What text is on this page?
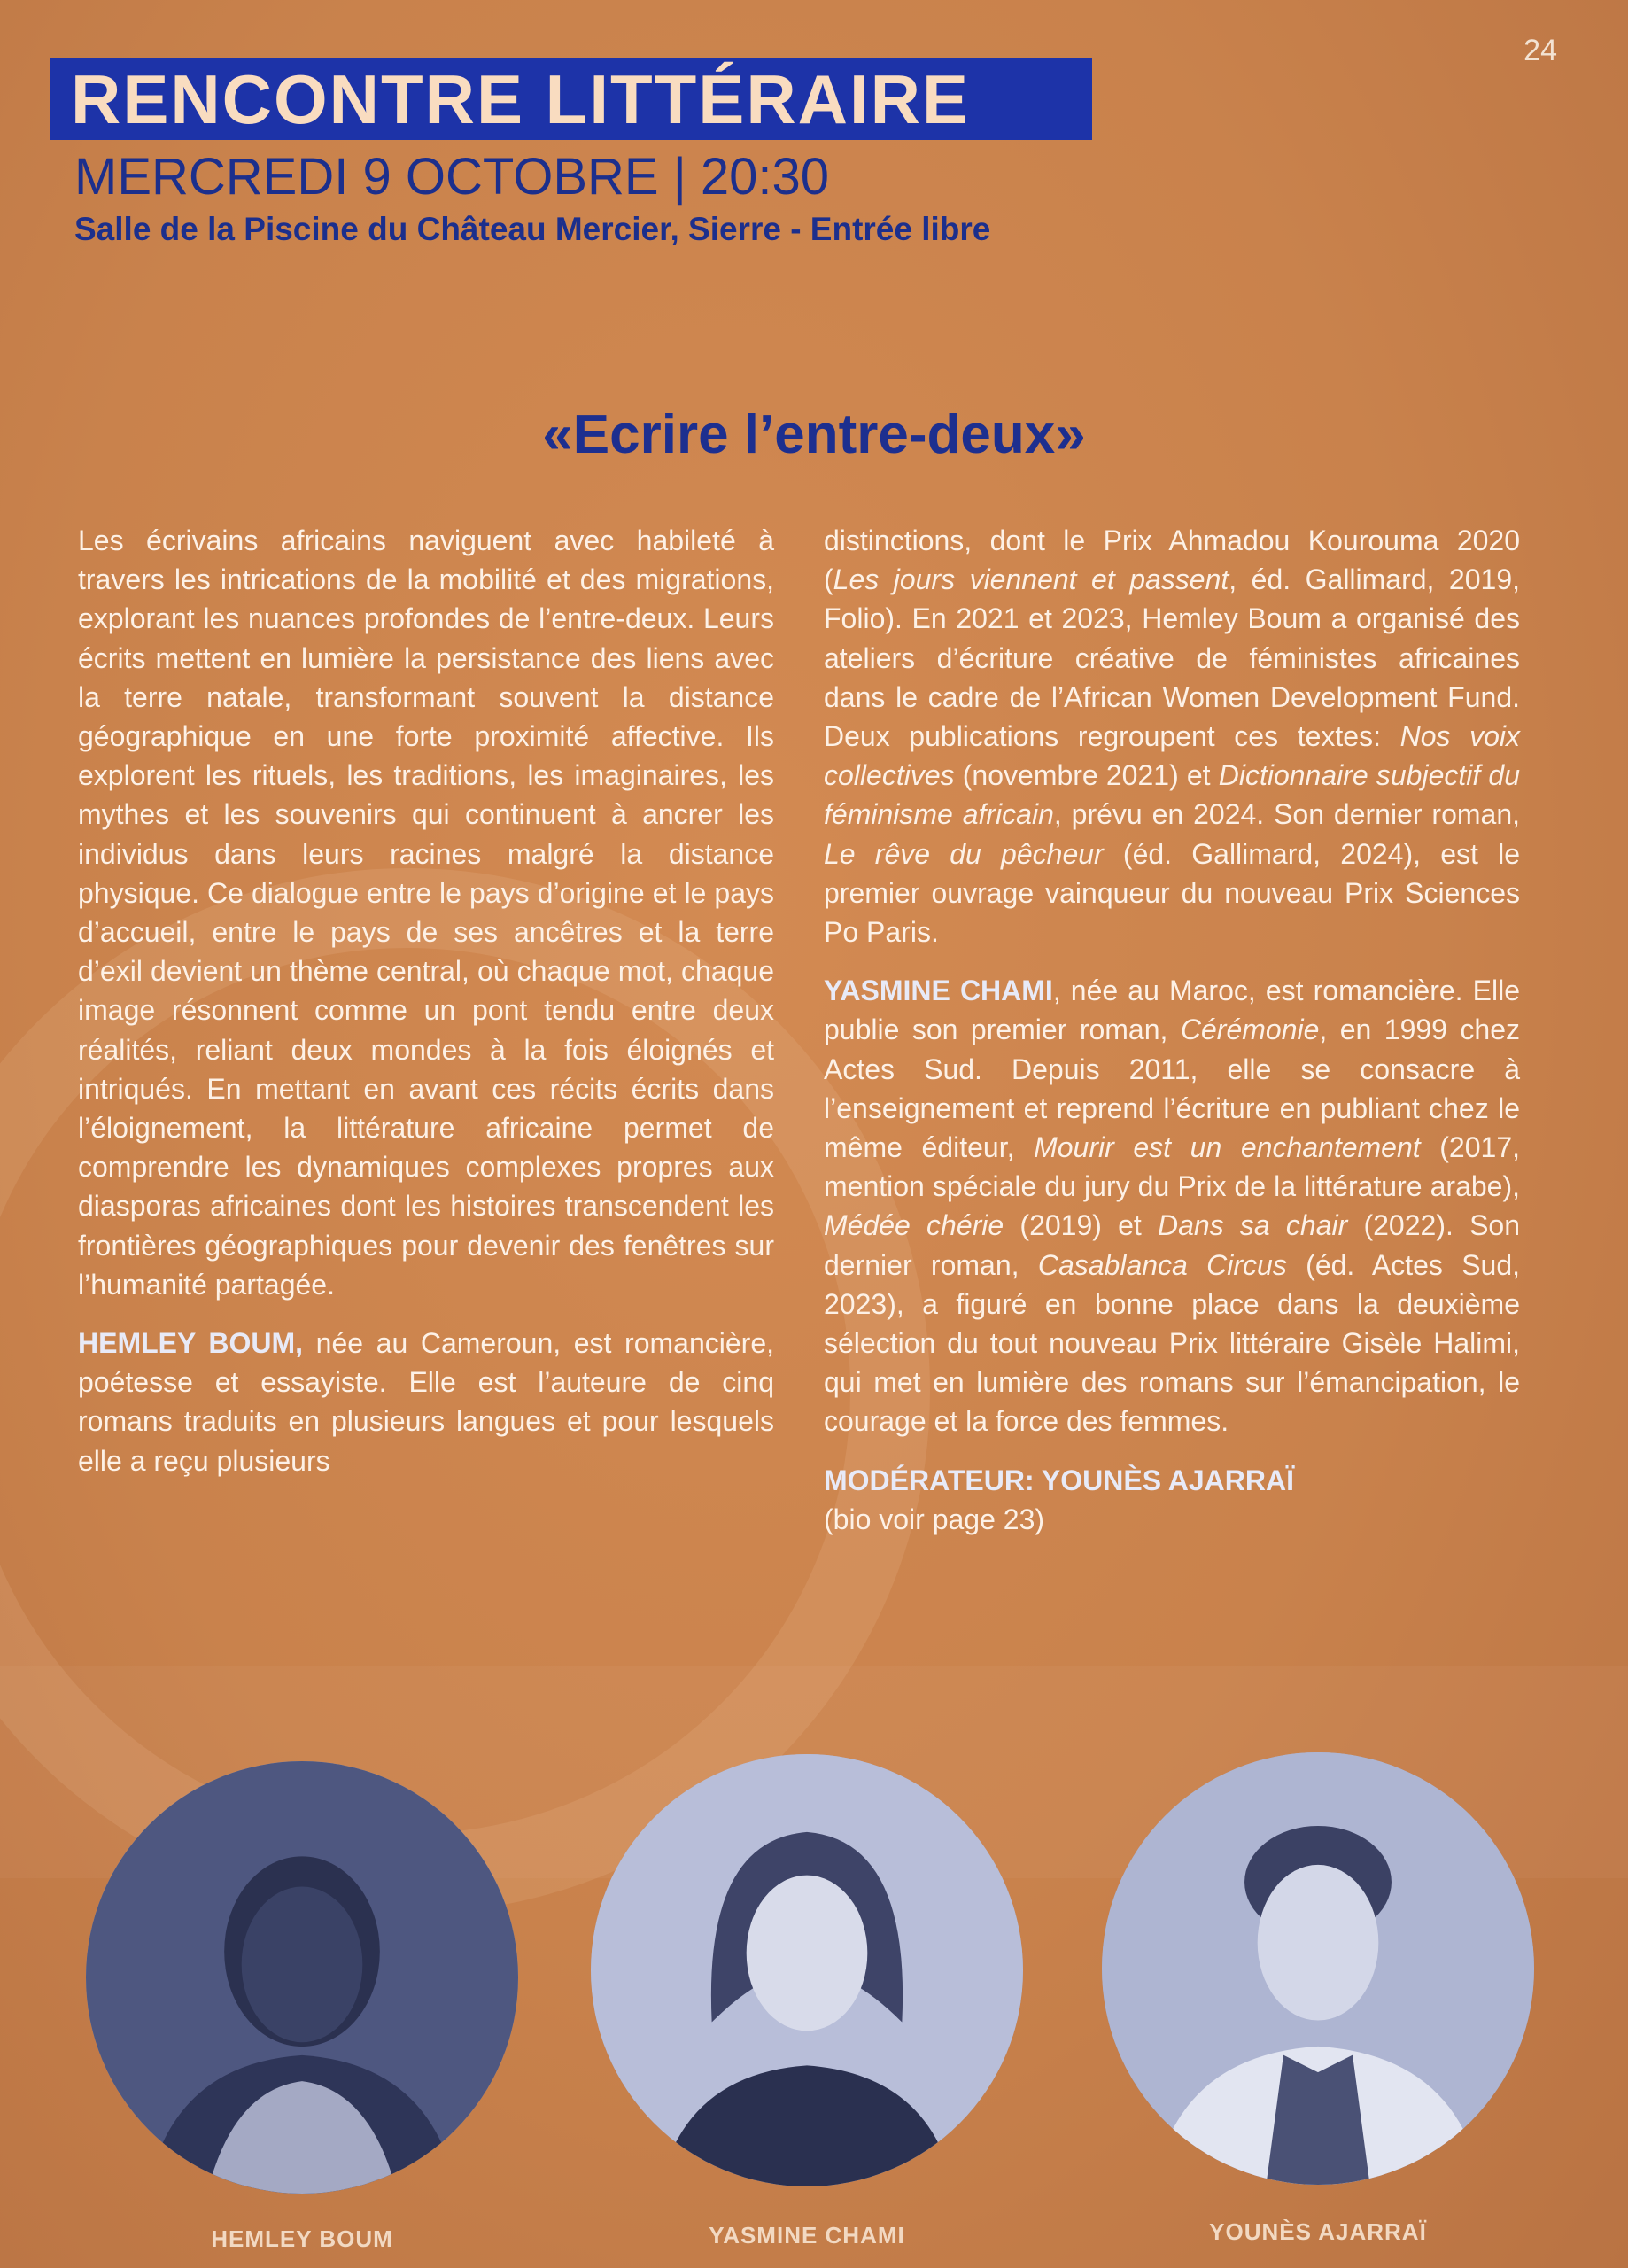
24
RENCONTRE LITTÉRAIRE
MERCREDI 9 OCTOBRE | 20:30
Salle de la Piscine du Château Mercier, Sierre - Entrée libre
«Ecrire l’entre-deux»

Les écrivains africains naviguent avec habileté à travers les intrications de la mobilité et des migrations, explorant les nuances profondes de l’entre-deux. Leurs écrits mettent en lumière la persistance des liens avec la terre natale, transformant souvent la distance géographique en une forte proximité affective. Ils explorent les rituels, les traditions, les imaginaires, les mythes et les souvenirs qui continuent à ancrer les individus dans leurs racines malgré la distance physique. Ce dialogue entre le pays d’origine et le pays d’accueil, entre le pays de ses ancêtres et la terre d’exil devient un thème central, où chaque mot, chaque image résonnent comme un pont tendu entre deux réalités, reliant deux mondes à la fois éloignés et intriqués. En mettant en avant ces récits écrits dans l’éloignement, la littérature africaine permet de comprendre les dynamiques complexes propres aux diasporas africaines dont les histoires transcendent les frontières géographiques pour devenir des fenêtres sur l’humanité partagée.

HEMLEY BOUM, née au Cameroun, est romancière, poétesse et essayiste. Elle est l’auteure de cinq romans traduits en plusieurs langues et pour lesquels elle a reçu plusieurs

distinctions, dont le Prix Ahmadou Kourouma 2020 (Les jours viennent et passent, éd. Gallimard, 2019, Folio). En 2021 et 2023, Hemley Boum a organisé des ateliers d’écriture créative de féministes africaines dans le cadre de l’African Women Development Fund. Deux publications regroupent ces textes: Nos voix collectives (novembre 2021) et Dictionnaire subjectif du féminisme africain, prévu en 2024. Son dernier roman, Le rêve du pêcheur (éd. Gallimard, 2024), est le premier ouvrage vainqueur du nouveau Prix Sciences Po Paris.

YASMINE CHAMI, née au Maroc, est romancière. Elle publie son premier roman, Cérémonie, en 1999 chez Actes Sud. Depuis 2011, elle se consacre à l’enseignement et reprend l’écriture en publiant chez le même éditeur, Mourir est un enchantement (2017, mention spéciale du jury du Prix de la littérature arabe), Médée chérie (2019) et Dans sa chair (2022). Son dernier roman, Casablanca Circus (éd. Actes Sud, 2023), a figuré en bonne place dans la deuxième sélection du tout nouveau Prix littéraire Gisèle Halimi, qui met en lumière des romans sur l’émancipation, le courage et la force des femmes.

MODÉRATEUR: YOUNÈS AJARRAÏ
(bio voir page 23)

HEMLEY BOUM	YASMINE CHAMI	YOUNÈS AJARRAÏ
